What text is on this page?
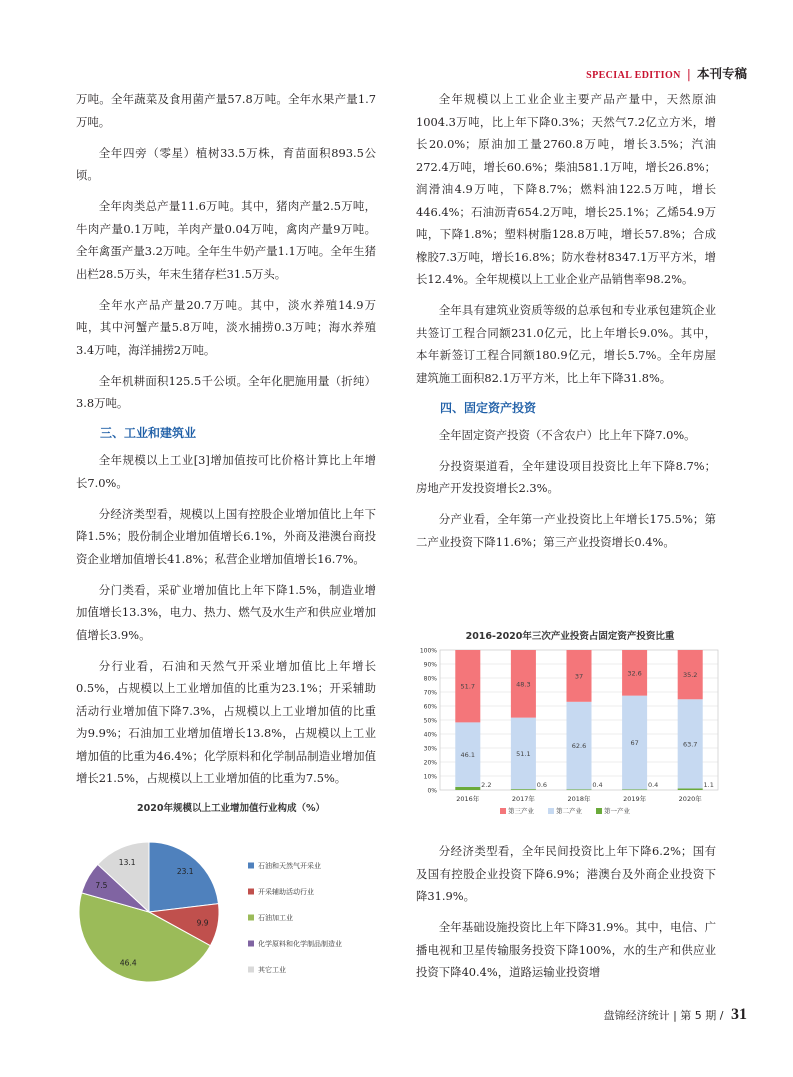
SPECIAL EDITION | 本刊专稿

万吨。全年蔬菜及食用菌产量57.8万吨。全年水果产量1.7万吨。

全年四旁（零星）植树33.5万株，育苗面积893.5公顷。

全年肉类总产量11.6万吨。其中，猪肉产量2.5万吨，牛肉产量0.1万吨，羊肉产量0.04万吨，禽肉产量9万吨。全年禽蛋产量3.2万吨。全年生牛奶产量1.1万吨。全年生猪出栏28.5万头，年末生猪存栏31.5万头。

全年水产品产量20.7万吨。其中，淡水养殖14.9万吨，其中河蟹产量5.8万吨，淡水捕捞0.3万吨；海水养殖3.4万吨，海洋捕捞2万吨。

全年机耕面积125.5千公顷。全年化肥施用量（折纯）3.8万吨。

三、工业和建筑业

全年规模以上工业[3]增加值按可比价格计算比上年增长7.0%。

分经济类型看，规模以上国有控股企业增加值比上年下降1.5%；股份制企业增加值增长6.1%，外商及港澳台商投资企业增加值增长41.8%；私营企业增加值增长16.7%。

分门类看，采矿业增加值比上年下降1.5%，制造业增加值增长13.3%，电力、热力、燃气及水生产和供应业增加值增长3.9%。

分行业看，石油和天然气开采业增加值比上年增长0.5%，占规模以上工业增加值的比重为23.1%；开采辅助活动行业增加值下降7.3%，占规模以上工业增加值的比重为9.9%；石油加工业增加值增长13.8%，占规模以上工业增加值的比重为46.4%；化学原料和化学制品制造业增加值增长21.5%，占规模以上工业增加值的比重为7.5%。

全年规模以上工业企业主要产品产量中，天然原油1004.3万吨，比上年下降0.3%；天然气7.2亿立方米，增长20.0%；原油加工量2760.8万吨，增长3.5%；汽油272.4万吨，增长60.6%；柴油581.1万吨，增长26.8%；润滑油4.9万吨，下降8.7%；燃料油122.5万吨，增长446.4%；石油沥青654.2万吨，增长25.1%；乙烯54.9万吨，下降1.8%；塑料树脂128.8万吨，增长57.8%；合成橡胶7.3万吨，增长16.8%；防水卷材8347.1万平方米，增长12.4%。全年规模以上工业企业产品销售率98.2%。

全年具有建筑业资质等级的总承包和专业承包建筑企业共签订工程合同额231.0亿元，比上年增长9.0%。其中，本年新签订工程合同额180.9亿元，增长5.7%。全年房屋建筑施工面积82.1万平方米，比上年下降31.8%。

四、固定资产投资

全年固定资产投资（不含农户）比上年下降7.0%。

分投资渠道看，全年建设项目投资比上年下降8.7%；房地产开发投资增长2.3%。

分产业看，全年第一产业投资比上年增长175.5%；第二产业投资下降11.6%；第三产业投资增长0.4%。

分经济类型看，全年民间投资比上年下降6.2%；国有及国有控股企业投资下降6.9%；港澳台及外商企业投资下降31.9%。

全年基础设施投资比上年下降31.9%。其中，电信、广播电视和卫星传输服务投资下降100%，水的生产和供应业投资下降40.4%，道路运输业投资增

2016-2020年三次产业投资占固定资产投资比重
0%
10%
20%
30%
40%
50%
60%
70%
80%
90%
100%
2.2
46.1
51.7
2016年
0.6
51.1
48.3
2017年
0.4
62.6
37
2018年
0.4
67
32.6
2019年
1.1
63.7
35.2
2020年
第三产业	第二产业	第一产业
2020年规模以上工业增加值行业构成（%）
23.1
9.9
46.4
7.5
13.1	石油和天然气开采业
开采辅助活动行业
石油加工业
化学原料和化学制品制造业
其它工业
盘锦经济统计 | 第 5 期 / 31
